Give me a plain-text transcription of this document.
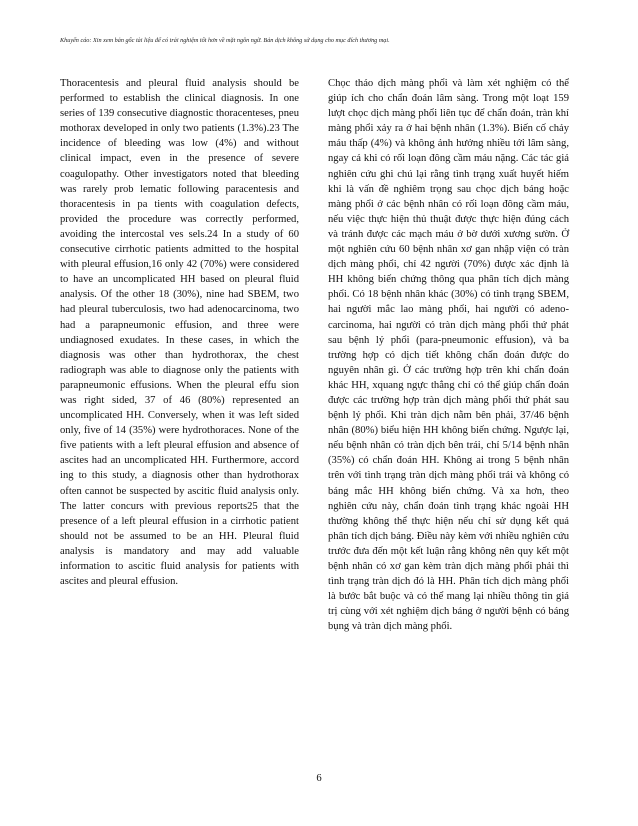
Khuyến cáo: Xin xem bản gốc tài liệu để có trải nghiệm tốt hơn về mặt ngôn ngữ. Bản dịch không sử dụng cho mục đích thương mại.

Thoracentesis and pleural fluid analysis should be performed to establish the clinical diagnosis. In one series of 139 consecutive diagnostic thoracenteses, pneu mothorax developed in only two patients (1.3%).23 The incidence of bleeding was low (4%) and without clinical impact, even in the presence of severe coagulopathy. Other investigators noted that bleeding was rarely prob lematic following paracentesis and thoracentesis in pa tients with coagulation defects, provided the procedure was correctly performed, avoiding the intercostal ves sels.24 In a study of 60 consecutive cirrhotic patients admitted to the hospital with pleural effusion,16 only 42 (70%) were considered to have an uncomplicated HH based on pleural fluid analysis. Of the other 18 (30%), nine had SBEM, two had pleural tuberculosis, two had adenocarcinoma, two had a parapneumonic effusion, and three were undiagnosed exudates. In these cases, in which the diagnosis was other than hydrothorax, the chest radiograph was able to diagnose only the patients with parapneumonic effusions. When the pleural effu sion was right sided, 37 of 46 (80%) represented an uncomplicated HH. Conversely, when it was left sided only, five of 14 (35%) were hydrothoraces. None of the five patients with a left pleural effusion and absence of ascites had an uncomplicated HH. Furthermore, accord ing to this study, a diagnosis other than hydrothorax often cannot be suspected by ascitic fluid analysis only. The latter concurs with previous reports25 that the presence of a left pleural effusion in a cirrhotic patient should not be assumed to be an HH. Pleural fluid analysis is mandatory and may add valuable information to ascitic fluid analysis for patients with ascites and pleural effusion.

Chọc tháo dịch màng phổi và làm xét nghiệm có thể giúp ích cho chẩn đoán lâm sàng. Trong một loạt 159 lượt chọc dịch màng phổi liên tục để chẩn đoán, tràn khí màng phổi xảy ra ở hai bệnh nhân (1.3%). Biến cố chảy máu thấp (4%) và không ảnh hưởng nhiều tới lâm sàng, ngay cả khi có rối loạn đông cầm máu nặng. Các tác giả nghiên cứu ghi chú lại rằng tình trạng xuất huyết hiếm khi là vấn đề nghiêm trọng sau chọc dịch báng hoặc màng phổi ở các bệnh nhân có rối loạn đông cầm máu, nếu việc thực hiện thủ thuật được thực hiện đúng cách và tránh được các mạch máu ở bờ dưới xương sườn. Ở một nghiên cứu 60 bệnh nhân xơ gan nhập viện có tràn dịch màng phổi, chỉ 42 người (70%) được xác định là HH không biến chứng thông qua phân tích dịch màng phổi. Có 18 bệnh nhân khác (30%) có tình trạng SBEM, hai người mắc lao màng phổi, hai người có adeno-carcinoma, hai người có tràn dịch màng phổi thứ phát sau bệnh lý phổi (para-pneumonic effusion), và ba trường hợp có dịch tiết không chẩn đoán được do nguyên nhân gì. Ở các trường hợp trên khi chẩn đoán khác HH, xquang ngực thẳng chỉ có thể giúp chẩn đoán được các trường hợp tràn dịch màng phổi thứ phát sau bệnh lý phổi. Khi tràn dịch nằm bên phải, 37/46 bệnh nhân (80%) biểu hiện HH không biến chứng. Ngược lại, nếu bệnh nhân có tràn dịch bên trái, chỉ 5/14 bệnh nhân (35%) có chẩn đoán HH. Không ai trong 5 bệnh nhân trên với tình trạng tràn dịch màng phổi trái và không có báng mắc HH không biến chứng. Và xa hơn, theo nghiên cứu này, chẩn đoán tình trạng khác ngoài HH thường không thể thực hiện nếu chỉ sử dụng kết quả phân tích dịch báng. Điều này kèm với nhiều nghiên cứu trước đưa đến một kết luận rằng không nên quy kết một bệnh nhân có xơ gan kèm tràn dịch màng phổi phải thì tình trạng tràn dịch đó là HH. Phân tích dịch màng phổi là bước bắt buộc và có thể mang lại nhiều thông tin giá trị cùng với xét nghiệm dịch báng ở người bệnh có báng bụng và tràn dịch màng phổi.

6
